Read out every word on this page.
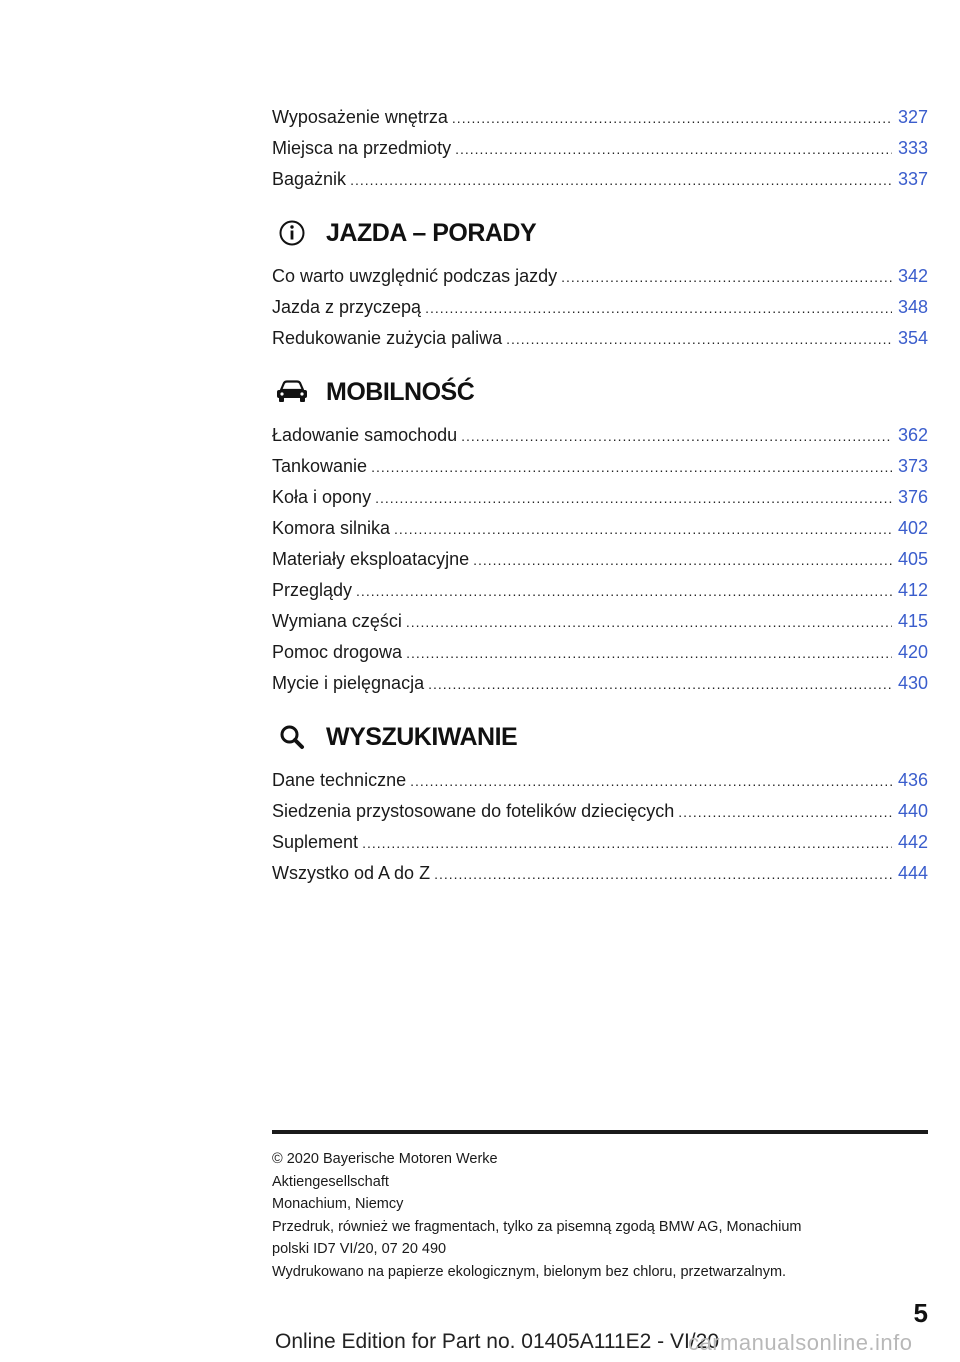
Wyposażenie wnętrza .....	327
Miejsca na przedmioty .....	333
Bagażnik .....	337
JAZDA – PORADY
Co warto uwzględnić podczas jazdy .....	342
Jazda z przyczepą .....	348
Redukowanie zużycia paliwa .....	354
MOBILNOŚĆ
Ładowanie samochodu .....	362
Tankowanie .....	373
Koła i opony .....	376
Komora silnika .....	402
Materiały eksploatacyjne .....	405
Przeglądy .....	412
Wymiana części .....	415
Pomoc drogowa .....	420
Mycie i pielęgnacja .....	430
WYSZUKIWANIE
Dane techniczne .....	436
Siedzenia przystosowane do fotelików dziecięcych .....	440
Suplement .....	442
Wszystko od A do Z .....	444
© 2020 Bayerische Motoren Werke
Aktiengesellschaft
Monachium, Niemcy
Przedruk, również we fragmentach, tylko za pisemną zgodą BMW AG, Monachium
polski ID7 VI/20, 07 20 490
Wydrukowano na papierze ekologicznym, bielonym bez chloru, przetwarzalnym.
5
Online Edition for Part no. 01405A111E2 - VI/20
carmanualsonline.info
